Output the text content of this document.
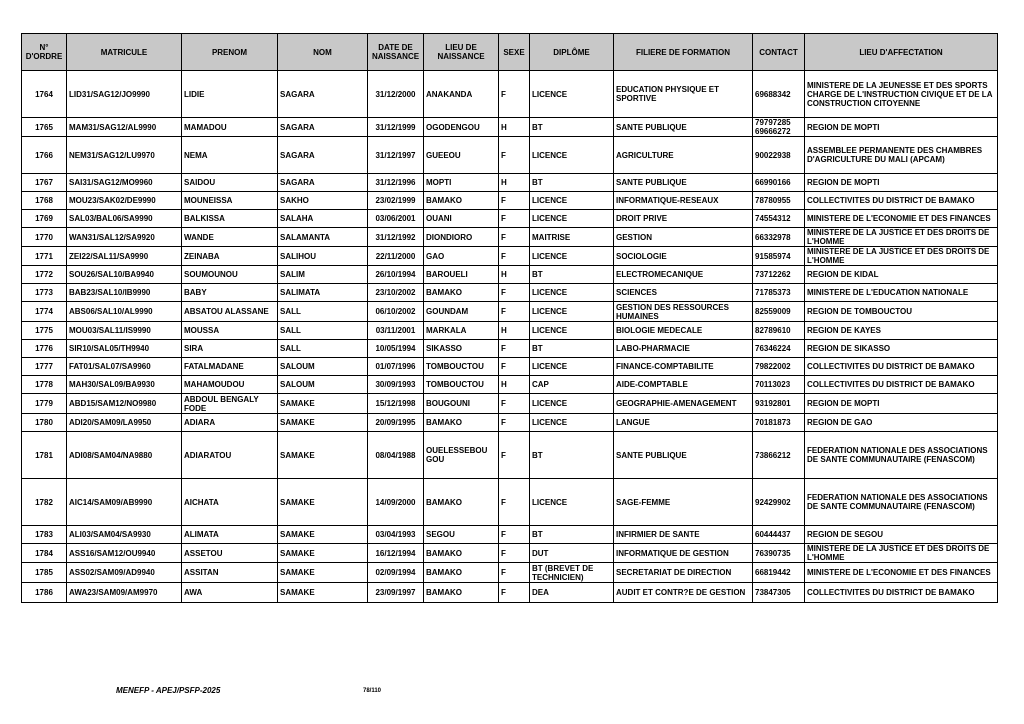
N° D'ORDRE	MATRICULE	PRENOM	NOM	DATE DE NAISSANCE	LIEU DE NAISSANCE	SEXE	DIPLÔME	FILIERE DE FORMATION	CONTACT	LIEU D'AFFECTATION
1764	LID31/SAG12/JO9990	LIDIE	SAGARA	31/12/2000	ANAKANDA	F	LICENCE	EDUCATION PHYSIQUE ET SPORTIVE	69688342	MINISTERE DE LA JEUNESSE ET DES SPORTS CHARGE DE L'INSTRUCTION CIVIQUE ET DE LA CONSTRUCTION CITOYENNE
1765	MAM31/SAG12/AL9990	MAMADOU	SAGARA	31/12/1999	OGODENGOU	H	BT	SANTE PUBLIQUE	79797285 69666272	REGION DE MOPTI
1766	NEM31/SAG12/LU9970	NEMA	SAGARA	31/12/1997	GUEEOU	F	LICENCE	AGRICULTURE	90022938	ASSEMBLEE PERMANENTE DES CHAMBRES D'AGRICULTURE DU MALI (APCAM)
1767	SAI31/SAG12/MO9960	SAIDOU	SAGARA	31/12/1996	MOPTI	H	BT	SANTE PUBLIQUE	66990166	REGION DE MOPTI
1768	MOU23/SAK02/DE9990	MOUNEISSA	SAKHO	23/02/1999	BAMAKO	F	LICENCE	INFORMATIQUE-RESEAUX	78780955	COLLECTIVITES DU DISTRICT DE BAMAKO
1769	SAL03/BAL06/SA9990	BALKISSA	SALAHA	03/06/2001	OUANI	F	LICENCE	DROIT PRIVE	74554312	MINISTERE DE L'ECONOMIE ET DES FINANCES
1770	WAN31/SAL12/SA9920	WANDE	SALAMANTA	31/12/1992	DIONDIORO	F	MAITRISE	GESTION	66332978	MINISTERE DE LA JUSTICE ET DES DROITS DE L'HOMME
1771	ZEI22/SAL11/SA9990	ZEINABA	SALIHOU	22/11/2000	GAO	F	LICENCE	SOCIOLOGIE	91585974	MINISTERE DE LA JUSTICE ET DES DROITS DE L'HOMME
1772	SOU26/SAL10/BA9940	SOUMOUNOU	SALIM	26/10/1994	BAROUELI	H	BT	ELECTROMECANIQUE	73712262	REGION DE KIDAL
1773	BAB23/SAL10/IB9990	BABY	SALIMATA	23/10/2002	BAMAKO	F	LICENCE	SCIENCES	71785373	MINISTERE DE L'EDUCATION NATIONALE
1774	ABS06/SAL10/AL9990	ABSATOU ALASSANE	SALL	06/10/2002	GOUNDAM	F	LICENCE	GESTION DES RESSOURCES HUMAINES	82559009	REGION DE TOMBOUCTOU
1775	MOU03/SAL11/IS9990	MOUSSA	SALL	03/11/2001	MARKALA	H	LICENCE	BIOLOGIE MEDECALE	82789610	REGION DE KAYES
1776	SIR10/SAL05/TH9940	SIRA	SALL	10/05/1994	SIKASSO	F	BT	LABO-PHARMACIE	76346224	REGION DE SIKASSO
1777	FAT01/SAL07/SA9960	FATALMADANE	SALOUM	01/07/1996	TOMBOUCTOU	F	LICENCE	FINANCE-COMPTABILITE	79822002	COLLECTIVITES DU DISTRICT DE BAMAKO
1778	MAH30/SAL09/BA9930	MAHAMOUDOU	SALOUM	30/09/1993	TOMBOUCTOU	H	CAP	AIDE-COMPTABLE	70113023	COLLECTIVITES DU DISTRICT DE BAMAKO
1779	ABD15/SAM12/NO9980	ABDOUL BENGALY FODE	SAMAKE	15/12/1998	BOUGOUNI	F	LICENCE	GEOGRAPHIE-AMENAGEMENT	93192801	REGION DE MOPTI
1780	ADI20/SAM09/LA9950	ADIARA	SAMAKE	20/09/1995	BAMAKO	F	LICENCE	LANGUE	70181873	REGION DE GAO
1781	ADI08/SAM04/NA9880	ADIARATOU	SAMAKE	08/04/1988	OUELESSEBOU GOU	F	BT	SANTE PUBLIQUE	73866212	FEDERATION NATIONALE DES ASSOCIATIONS DE SANTE COMMUNAUTAIRE (FENASCOM)
1782	AIC14/SAM09/AB9990	AICHATA	SAMAKE	14/09/2000	BAMAKO	F	LICENCE	SAGE-FEMME	92429902	FEDERATION NATIONALE DES ASSOCIATIONS DE SANTE COMMUNAUTAIRE (FENASCOM)
1783	ALI03/SAM04/SA9930	ALIMATA	SAMAKE	03/04/1993	SEGOU	F	BT	INFIRMIER DE SANTE	60444437	REGION DE SEGOU
1784	ASS16/SAM12/OU9940	ASSETOU	SAMAKE	16/12/1994	BAMAKO	F	DUT	INFORMATIQUE DE GESTION	76390735	MINISTERE DE LA JUSTICE ET DES DROITS DE L'HOMME
1785	ASS02/SAM09/AD9940	ASSITAN	SAMAKE	02/09/1994	BAMAKO	F	BT (BREVET DE TECHNICIEN)	SECRETARIAT DE DIRECTION	66819442	MINISTERE DE L'ECONOMIE ET DES FINANCES
1786	AWA23/SAM09/AM9970	AWA	SAMAKE	23/09/1997	BAMAKO	F	DEA	AUDIT ET CONTR?E DE GESTION	73847305	COLLECTIVITES DU DISTRICT DE BAMAKO
MENEFP - APEJ/PSFP-2025	78/110
